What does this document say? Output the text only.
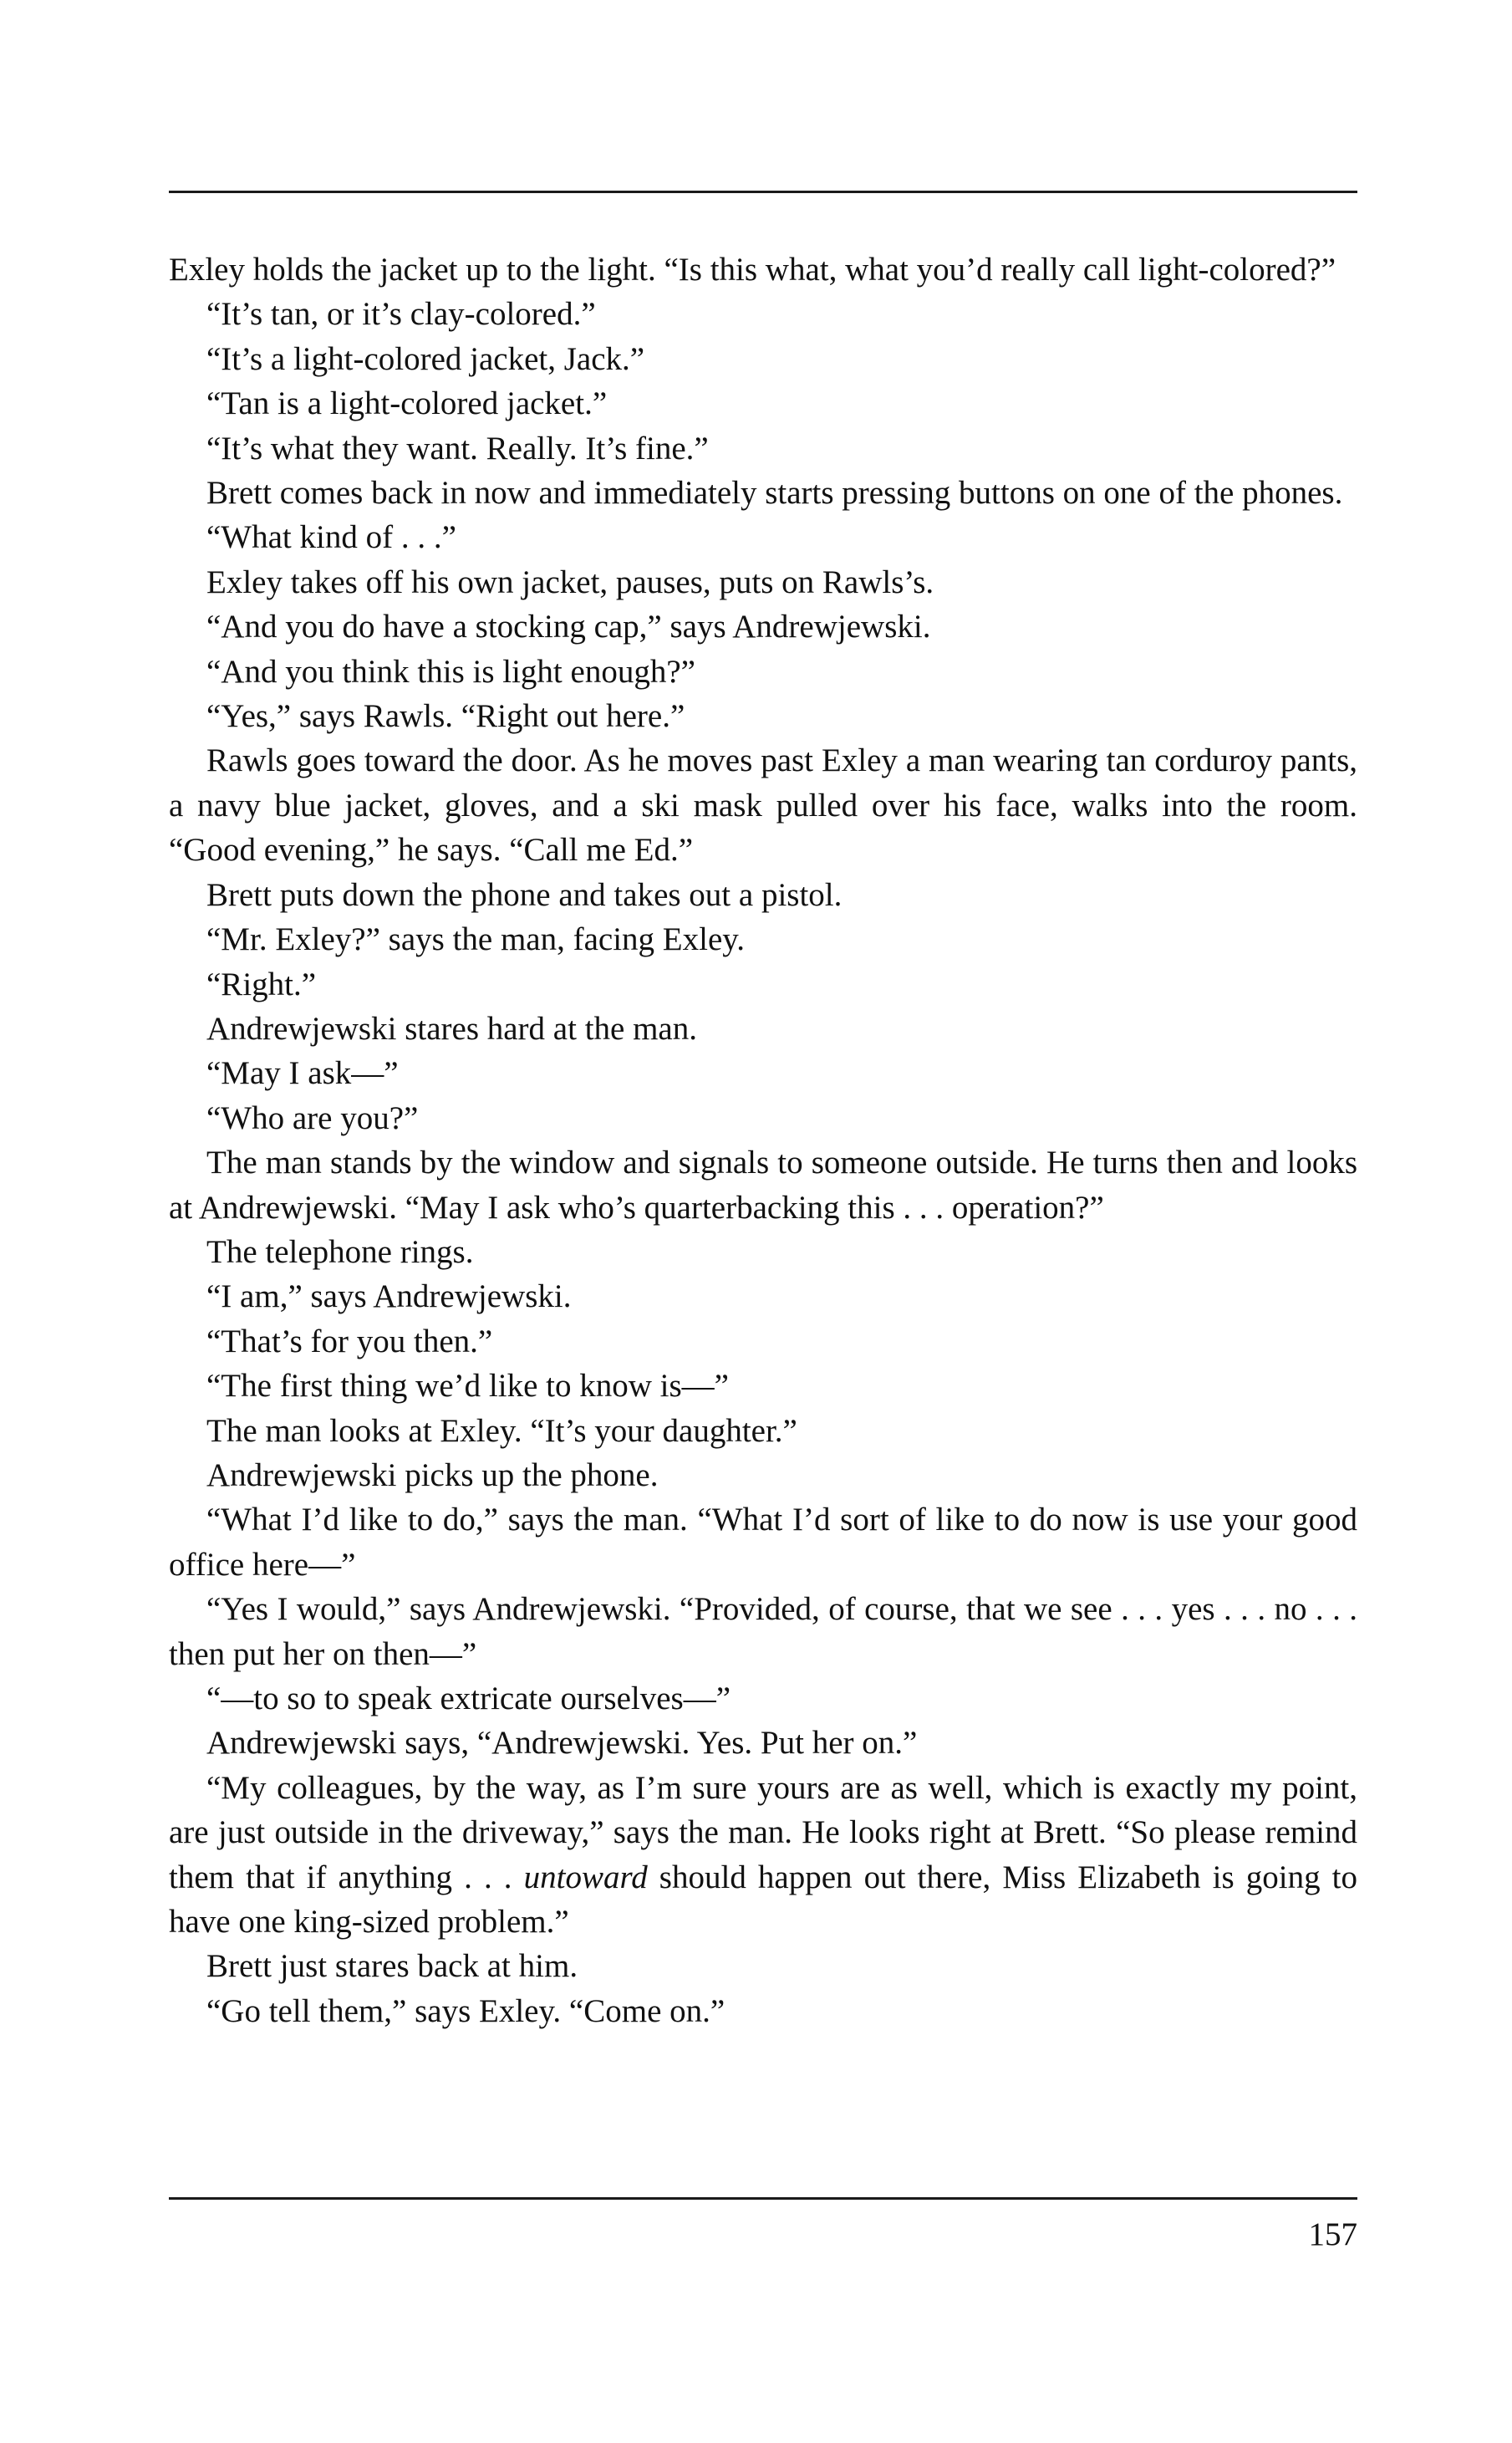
Exley holds the jacket up to the light. “Is this what, what you’d really call light-colored?”

“It’s tan, or it’s clay-colored.”

“It’s a light-colored jacket, Jack.”

“Tan is a light-colored jacket.”

“It’s what they want. Really. It’s fine.”

Brett comes back in now and immediately starts pressing buttons on one of the phones.

“What kind of . . .”

Exley takes off his own jacket, pauses, puts on Rawls’s.

“And you do have a stocking cap,” says Andrewjewski.

“And you think this is light enough?”

“Yes,” says Rawls. “Right out here.”

Rawls goes toward the door. As he moves past Exley a man wearing tan corduroy pants, a navy blue jacket, gloves, and a ski mask pulled over his face, walks into the room. “Good evening,” he says. “Call me Ed.”

Brett puts down the phone and takes out a pistol.

“Mr. Exley?” says the man, facing Exley.

“Right.”

Andrewjewski stares hard at the man.

“May I ask—”

“Who are you?”

The man stands by the window and signals to someone outside. He turns then and looks at Andrewjewski. “May I ask who’s quarterbacking this . . . operation?”

The telephone rings.

“I am,” says Andrewjewski.

“That’s for you then.”

“The first thing we’d like to know is—”

The man looks at Exley. “It’s your daughter.”

Andrewjewski picks up the phone.

“What I’d like to do,” says the man. “What I’d sort of like to do now is use your good office here—”

“Yes I would,” says Andrewjewski. “Provided, of course, that we see . . . yes . . . no . . . then put her on then—”

“—to so to speak extricate ourselves—”

Andrewjewski says, “Andrewjewski. Yes. Put her on.”

“My colleagues, by the way, as I’m sure yours are as well, which is exactly my point, are just outside in the driveway,” says the man. He looks right at Brett. “So please remind them that if anything . . . untoward should happen out there, Miss Elizabeth is going to have one king-sized problem.”

Brett just stares back at him.

“Go tell them,” says Exley. “Come on.”

157
